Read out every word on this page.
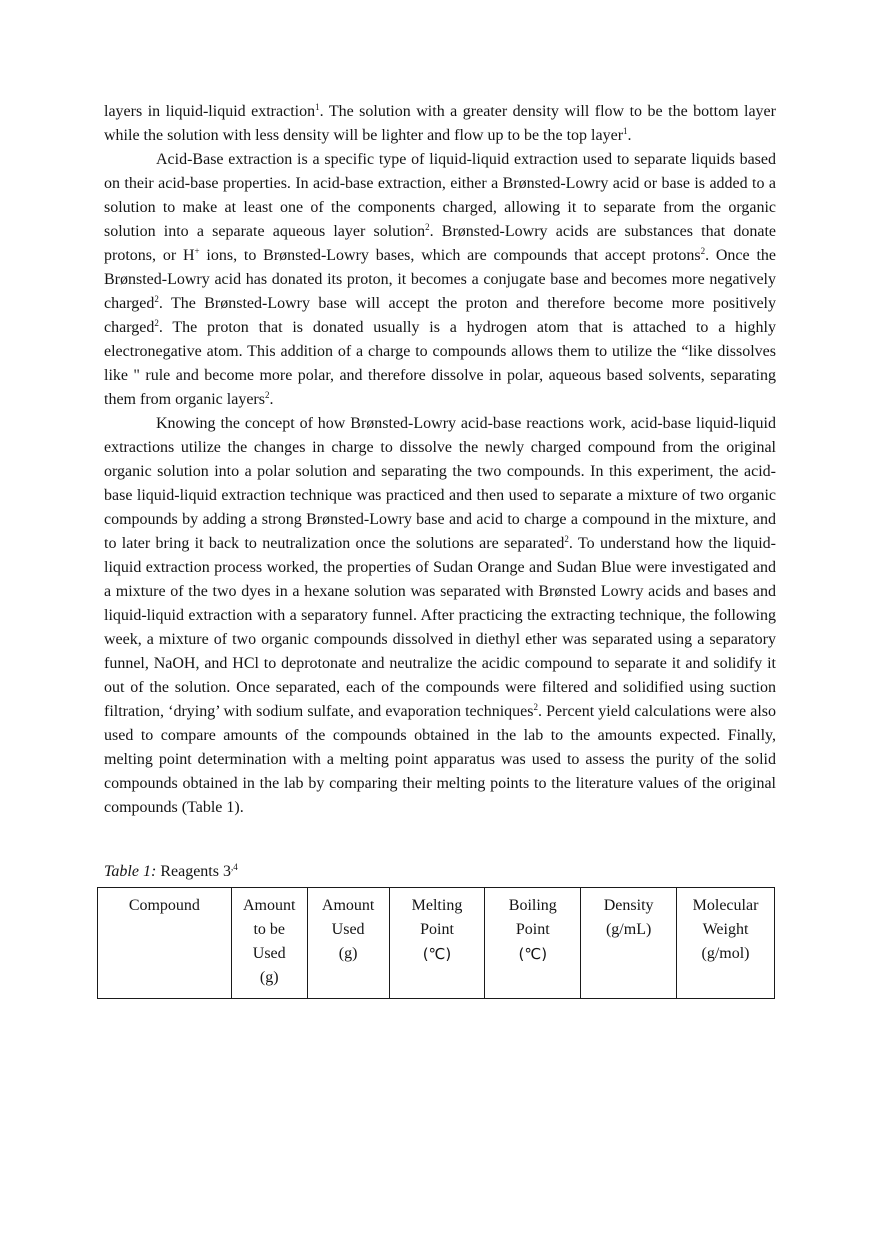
layers in liquid-liquid extraction$^1$. The solution with a greater density will flow to be the bottom layer while the solution with less density will be lighter and flow up to be the top layer$^1$.

Acid-Base extraction is a specific type of liquid-liquid extraction used to separate liquids based on their acid-base properties. In acid-base extraction, either a Brønsted-Lowry acid or base is added to a solution to make at least one of the components charged, allowing it to separate from the organic solution into a separate aqueous layer solution$^2$. Brønsted-Lowry acids are substances that donate protons, or H+ ions, to Brønsted-Lowry bases, which are compounds that accept protons$^2$. Once the Brønsted-Lowry acid has donated its proton, it becomes a conjugate base and becomes more negatively charged$^2$. The Brønsted-Lowry base will accept the proton and therefore become more positively charged$^2$. The proton that is donated usually is a hydrogen atom that is attached to a highly electronegative atom. This addition of a charge to compounds allows them to utilize the “like dissolves like " rule and become more polar, and therefore dissolve in polar, aqueous based solvents, separating them from organic layers$^2$.

Knowing the concept of how Brønsted-Lowry acid-base reactions work, acid-base liquid-liquid extractions utilize the changes in charge to dissolve the newly charged compound from the original organic solution into a polar solution and separating the two compounds. In this experiment, the acid-base liquid-liquid extraction technique was practiced and then used to separate a mixture of two organic compounds by adding a strong Brønsted-Lowry base and acid to charge a compound in the mixture, and to later bring it back to neutralization once the solutions are separated$^2$. To understand how the liquid-liquid extraction process worked, the properties of Sudan Orange and Sudan Blue were investigated and a mixture of the two dyes in a hexane solution was separated with Brønsted Lowry acids and bases and liquid-liquid extraction with a separatory funnel. After practicing the extracting technique, the following week, a mixture of two organic compounds dissolved in diethyl ether was separated using a separatory funnel, NaOH, and HCl to deprotonate and neutralize the acidic compound to separate it and solidify it out of the solution. Once separated, each of the compounds were filtered and solidified using suction filtration, ‘drying’ with sodium sulfate, and evaporation techniques$^2$. Percent yield calculations were also used to compare amounts of the compounds obtained in the lab to the amounts expected. Finally, melting point determination with a melting point apparatus was used to assess the purity of the solid compounds obtained in the lab by comparing their melting points to the literature values of the original compounds (Table 1).

Table 1: Reagents $3^{,4}$
Compound	Amount
to be
Used
(g)	Amount
Used
(g)	Melting
Point
(℃)	Boiling
Point
(℃)	Density
(g/mL)	Molecular
Weight
(g/mol)
